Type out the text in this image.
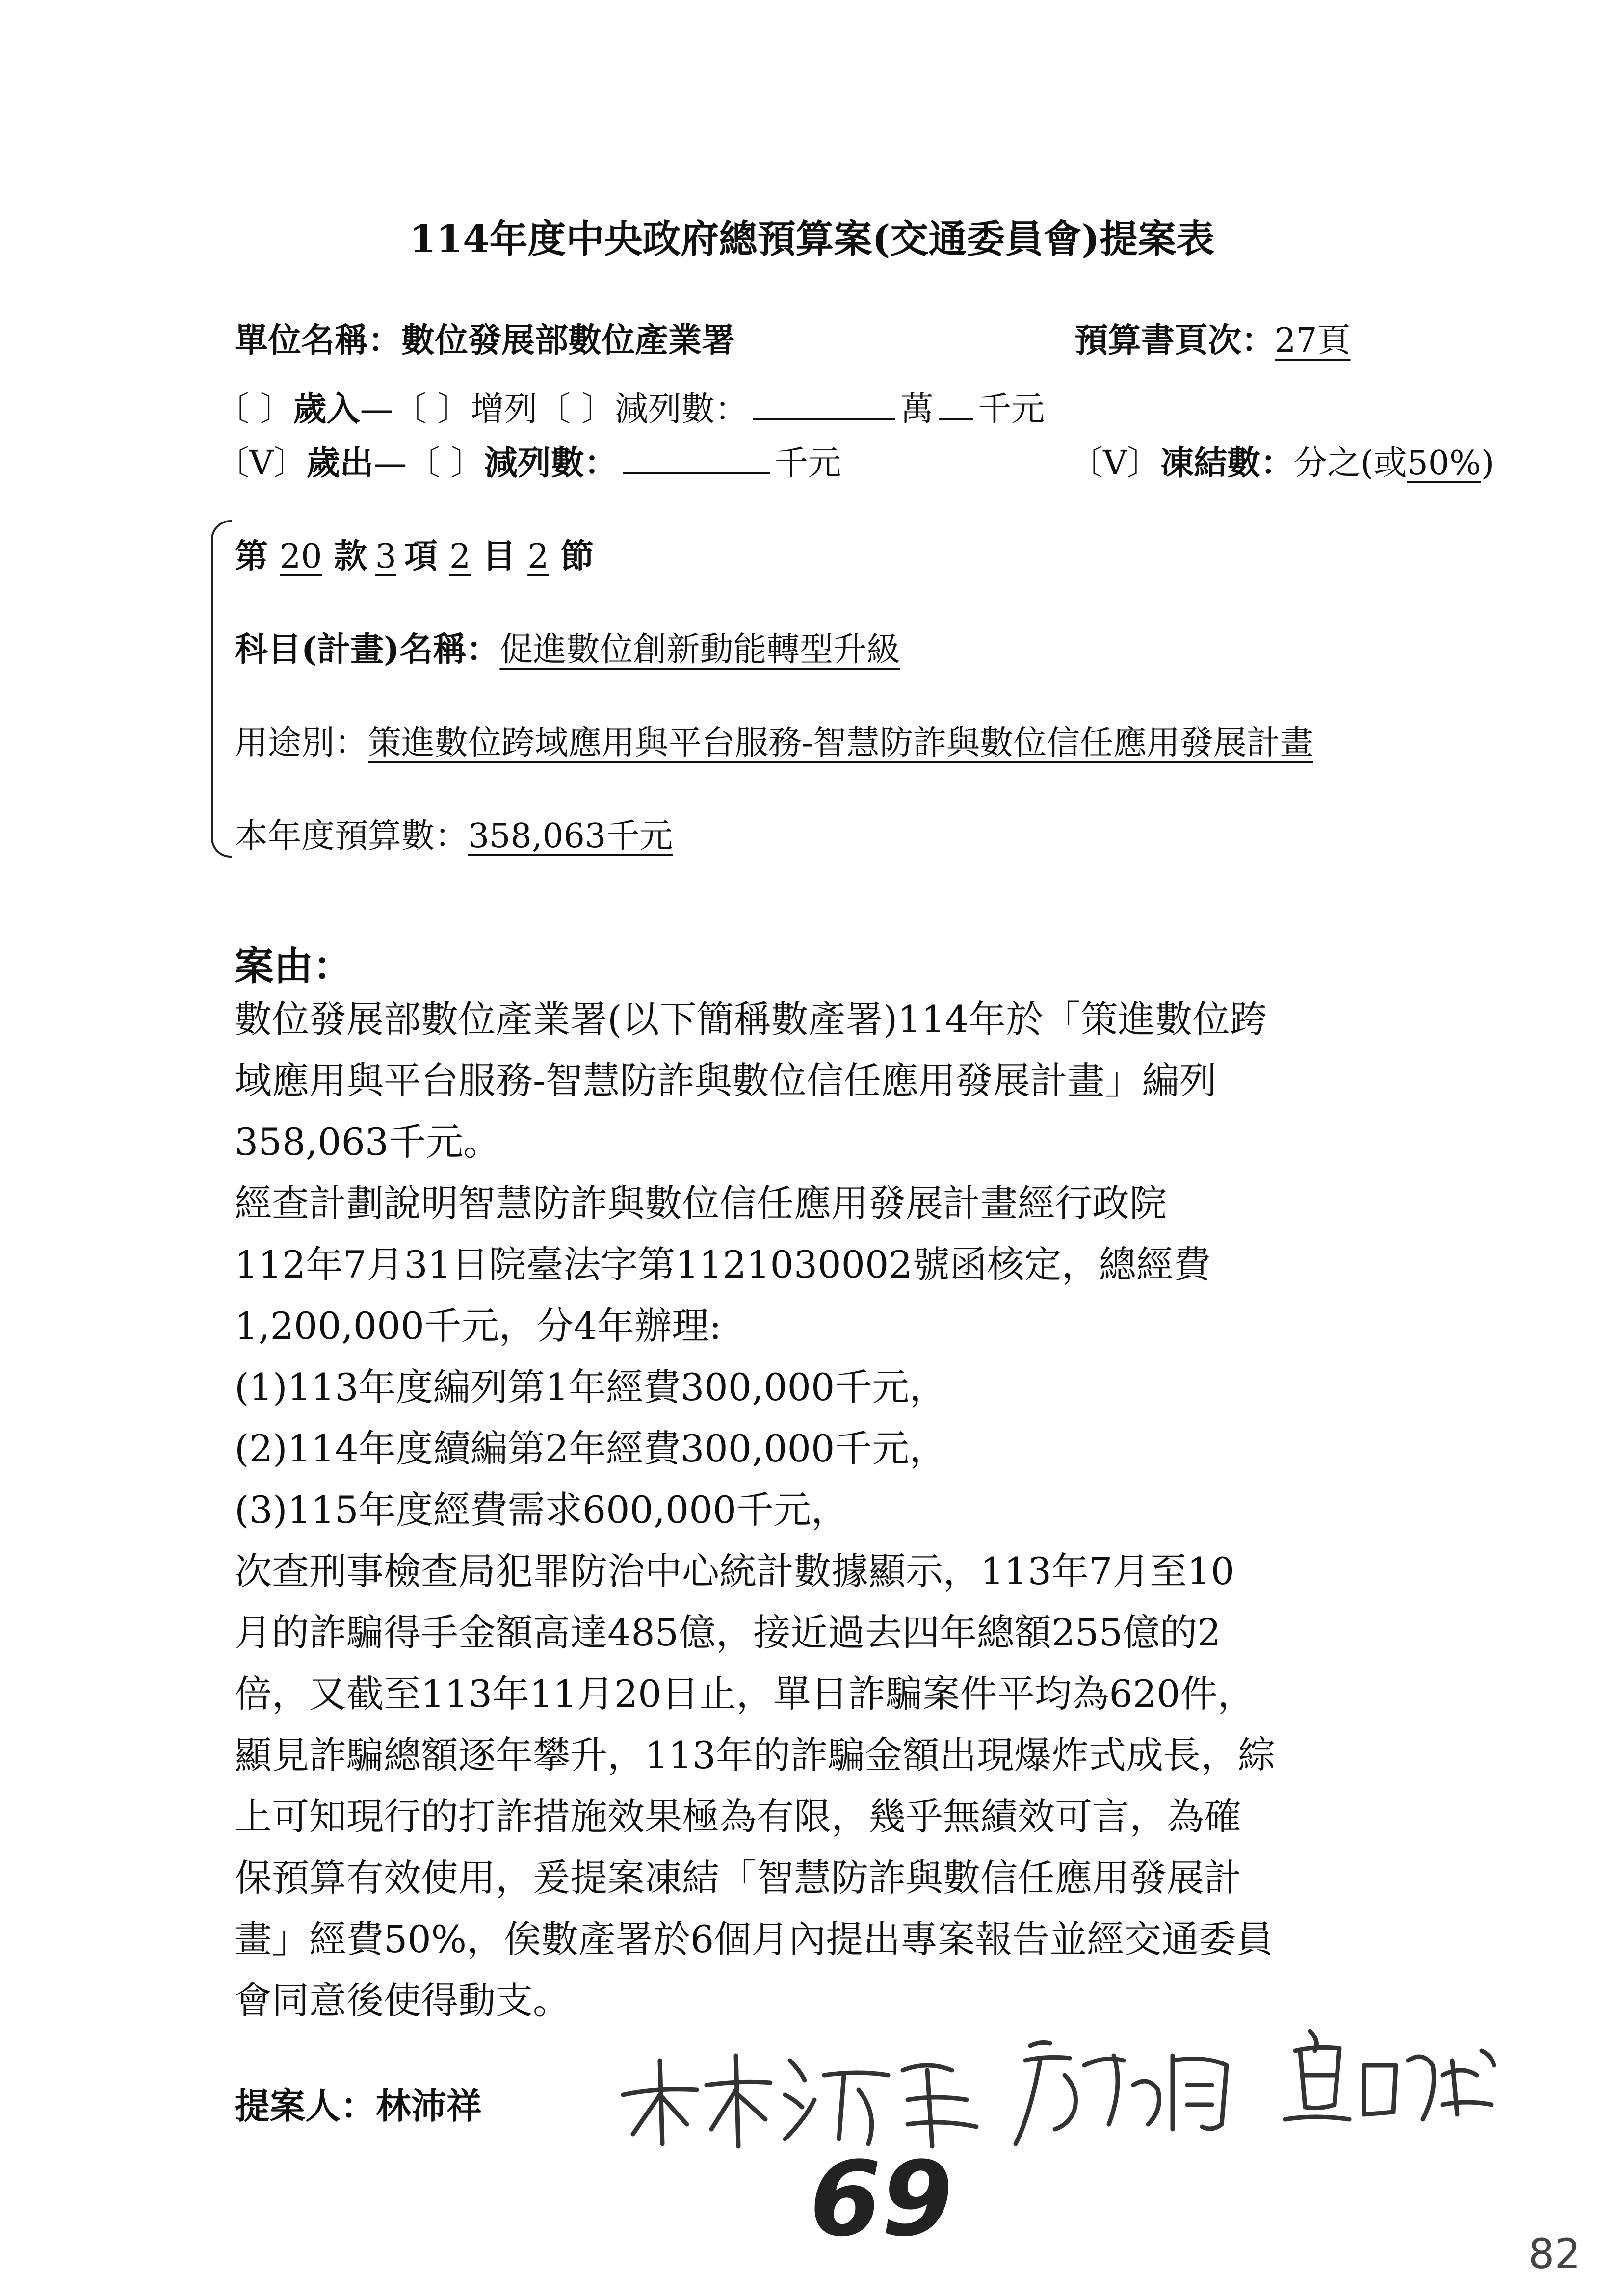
114年度中央政府總預算案(交通委員會)提案表
單位名稱： 數位發展部數位產業署	預算書頁次： 27頁
〔 〕 歲入 — 〔 〕 增列 〔 〕 減列數：	萬 千元
〔V〕 歲出 — 〔 〕 減列數：	千元	〔V〕 凍結數： 分之(或 50% )
第 20 款 3 項 2 目 2 節
科目(計畫)名稱： 促進數位創新動能轉型升級
用途別： 策進數位跨域應用與平台服務-智慧防詐與數位信任應用發展計畫
本年度預算數： 358,063千元
案由：

數位發展部數位產業署(以下簡稱數產署)114年於「策進數位跨

域應用與平台服務-智慧防詐與數位信任應用發展計畫」編列

358,063千元。

經查計劃說明智慧防詐與數位信任應用發展計畫經行政院

112年7月31日院臺法字第1121030002號函核定，總經費

1,200,000千元，分4年辦理:

(1)113年度編列第1年經費300,000千元，

(2)114年度續編第2年經費300,000千元，

(3)115年度經費需求600,000千元，

次查刑事檢查局犯罪防治中心統計數據顯示，113年7月至10

月的詐騙得手金額高達485億，接近過去四年總額255億的2

倍，又截至113年11月20日止，單日詐騙案件平均為620件，

顯見詐騙總額逐年攀升，113年的詐騙金額出現爆炸式成長，綜

上可知現行的打詐措施效果極為有限，幾乎無績效可言，為確

保預算有效使用，爰提案凍結「智慧防詐與數信任應用發展計

畫」經費50%，俟數產署於6個月內提出專案報告並經交通委員

會同意後使得動支。

提案人： 林沛祥
69	82
